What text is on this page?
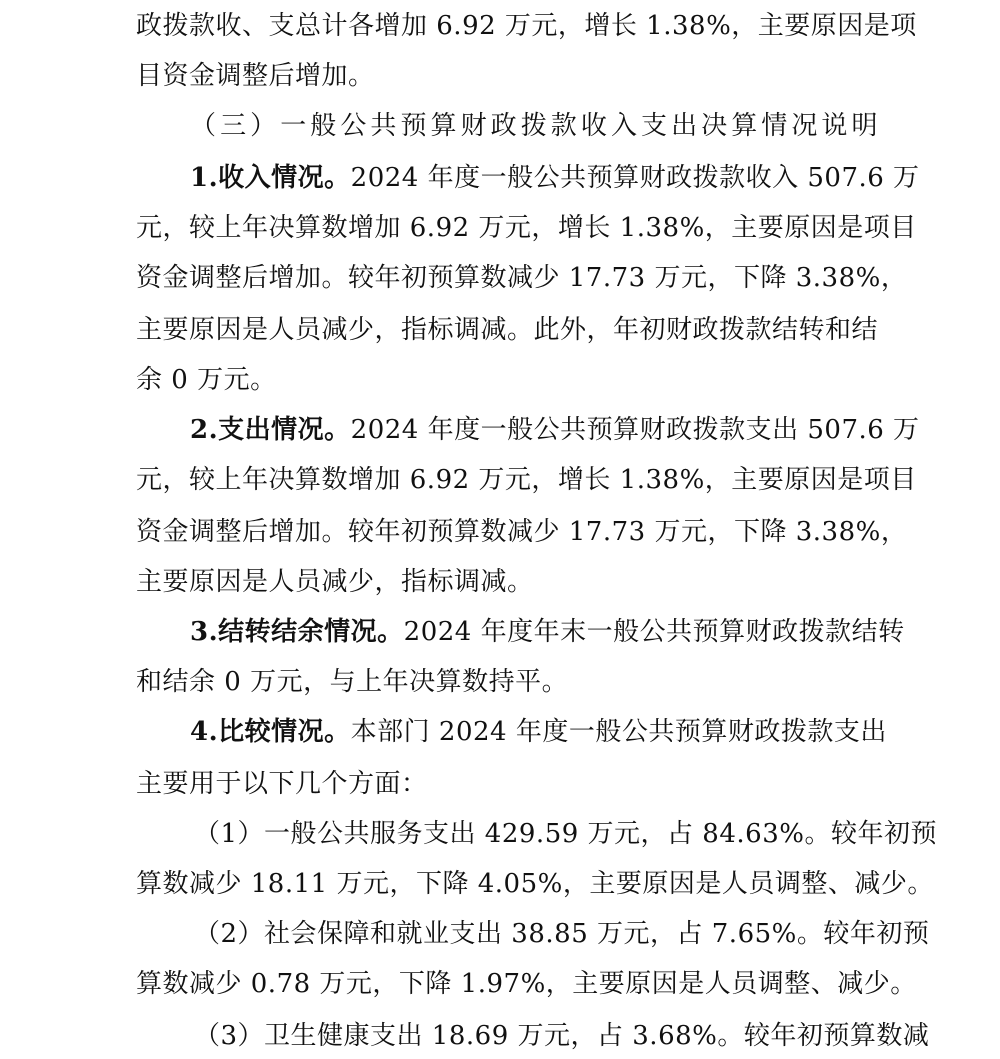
政拨款收、支总计各增加 6.92 万元，增长 1.38%，主要原因是项
目资金调整后增加。
（三）一般公共预算财政拨款收入支出决算情况说明
1.收入情况。2024 年度一般公共预算财政拨款收入 507.6 万
元，较上年决算数增加 6.92 万元，增长 1.38%，主要原因是项目
资金调整后增加。较年初预算数减少 17.73 万元，下降 3.38%，
主要原因是人员减少，指标调减。此外，年初财政拨款结转和结
余 0 万元。
2.支出情况。2024 年度一般公共预算财政拨款支出 507.6 万
元，较上年决算数增加 6.92 万元，增长 1.38%，主要原因是项目
资金调整后增加。较年初预算数减少 17.73 万元，下降 3.38%，
主要原因是人员减少，指标调减。
3.结转结余情况。2024 年度年末一般公共预算财政拨款结转
和结余 0 万元，与上年决算数持平。
4.比较情况。本部门 2024 年度一般公共预算财政拨款支出
主要用于以下几个方面：
（1）一般公共服务支出 429.59 万元，占 84.63%。较年初预
算数减少 18.11 万元，下降 4.05%，主要原因是人员调整、减少。
（2）社会保障和就业支出 38.85 万元，占 7.65%。较年初预
算数减少 0.78 万元，下降 1.97%，主要原因是人员调整、减少。
（3）卫生健康支出 18.69 万元，占 3.68%。较年初预算数减
